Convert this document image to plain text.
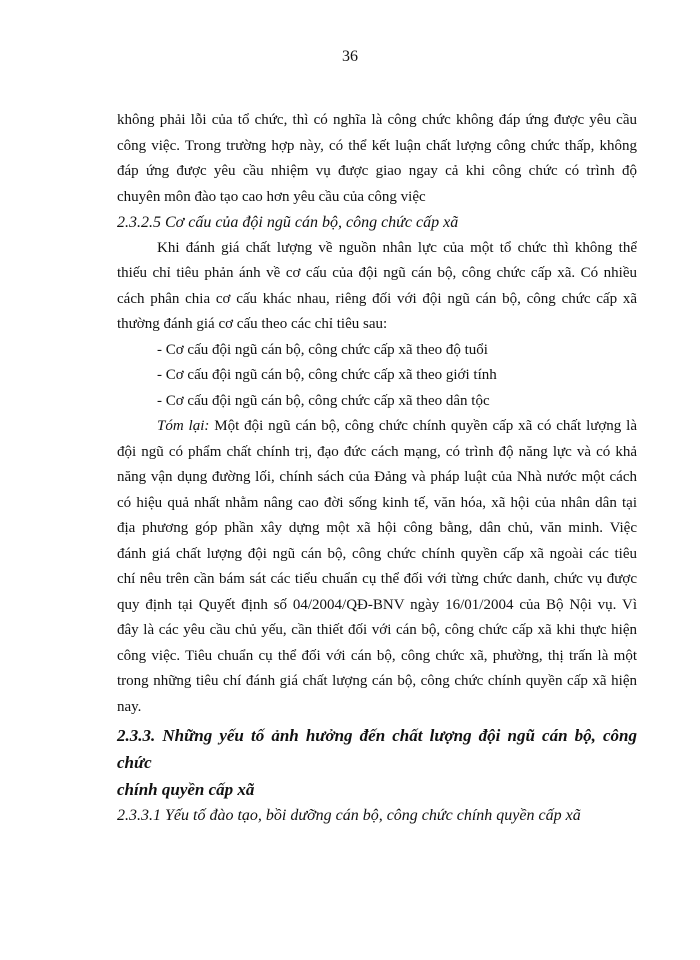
36
không phải lỗi của tổ chức, thì có nghĩa là công chức không đáp ứng được yêu cầu
công việc. Trong trường hợp này, có thể kết luận chất lượng công chức thấp, không
đáp ứng được yêu cầu nhiệm vụ được giao ngay cả khi công chức có trình độ
chuyên môn đào tạo cao hơn yêu cầu của công việc
2.3.2.5 Cơ cấu của đội ngũ cán bộ, công chức cấp xã
Khi đánh giá chất lượng về nguồn nhân lực của một tổ chức thì không thể
thiếu chỉ tiêu phản ánh về cơ cấu của đội ngũ cán bộ, công chức cấp xã. Có nhiều
cách phân chia cơ cấu khác nhau, riêng đối với đội ngũ cán bộ, công chức cấp xã
thường đánh giá cơ cấu theo các chỉ tiêu sau:
- Cơ cấu đội ngũ cán bộ, công chức cấp xã theo độ tuổi
- Cơ cấu đội ngũ cán bộ, công chức cấp xã theo giới tính
- Cơ cấu đội ngũ cán bộ, công chức cấp xã theo dân tộc
Tóm lại: Một đội ngũ cán bộ, công chức chính quyền cấp xã có chất lượng là
đội ngũ có phẩm chất chính trị, đạo đức cách mạng, có trình độ năng lực và có khả
năng vận dụng đường lối, chính sách của Đảng và pháp luật của Nhà nước một cách
có hiệu quả nhất nhằm nâng cao đời sống kinh tế, văn hóa, xã hội của nhân dân tại
địa phương góp phần xây dựng một xã hội công bằng, dân chủ, văn minh. Việc
đánh giá chất lượng đội ngũ cán bộ, công chức chính quyền cấp xã ngoài các tiêu
chí nêu trên cần bám sát các tiểu chuẩn cụ thể đối với từng chức danh, chức vụ được
quy định tại Quyết định số 04/2004/QĐ-BNV ngày 16/01/2004 của Bộ Nội vụ. Vì
đây là các yêu cầu chủ yếu, cần thiết đối với cán bộ, công chức cấp xã khi thực hiện
công việc. Tiêu chuẩn cụ thể đối với cán bộ, công chức xã, phường, thị trấn là một
trong những tiêu chí đánh giá chất lượng cán bộ, công chức chính quyền cấp xã hiện
nay.
2.3.3. Những yếu tố ảnh hưởng đến chất lượng đội ngũ cán bộ, công chức
chính quyền cấp xã
2.3.3.1 Yếu tố đào tạo, bồi dưỡng cán bộ, công chức chính quyền cấp xã
